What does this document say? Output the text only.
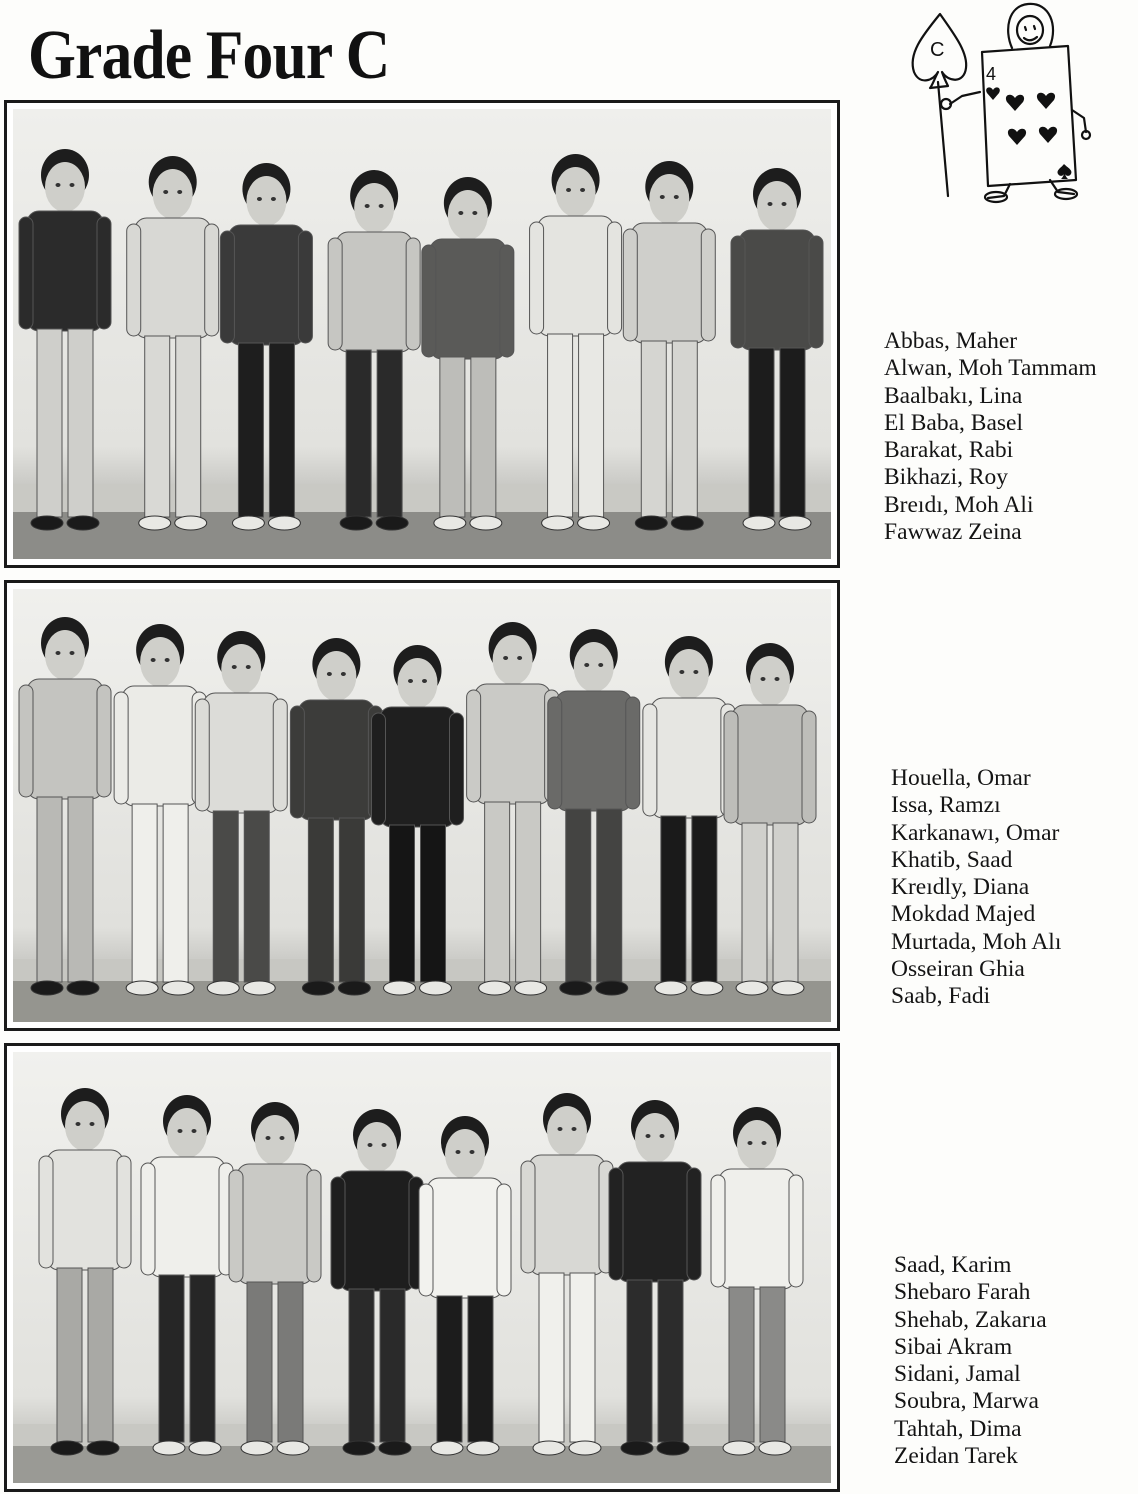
Grade Four C	4
C
Abbas, Maher
Alwan, Moh Tammam
Baalbakı, Lina
El Baba, Basel
Barakat, Rabi
Bikhazi, Roy
Breıdı, Moh Ali
Fawwaz Zeina
Houella, Omar
Issa, Ramzı
Karkanawı, Omar
Khatib, Saad
Kreıdly, Diana
Mokdad Majed
Murtada, Moh Alı
Osseiran Ghia
Saab, Fadi
Saad, Karim
Shebaro Farah
Shehab, Zakarıa
Sibai Akram
Sidani, Jamal
Soubra, Marwa
Tahtah, Dima
Zeidan Tarek
